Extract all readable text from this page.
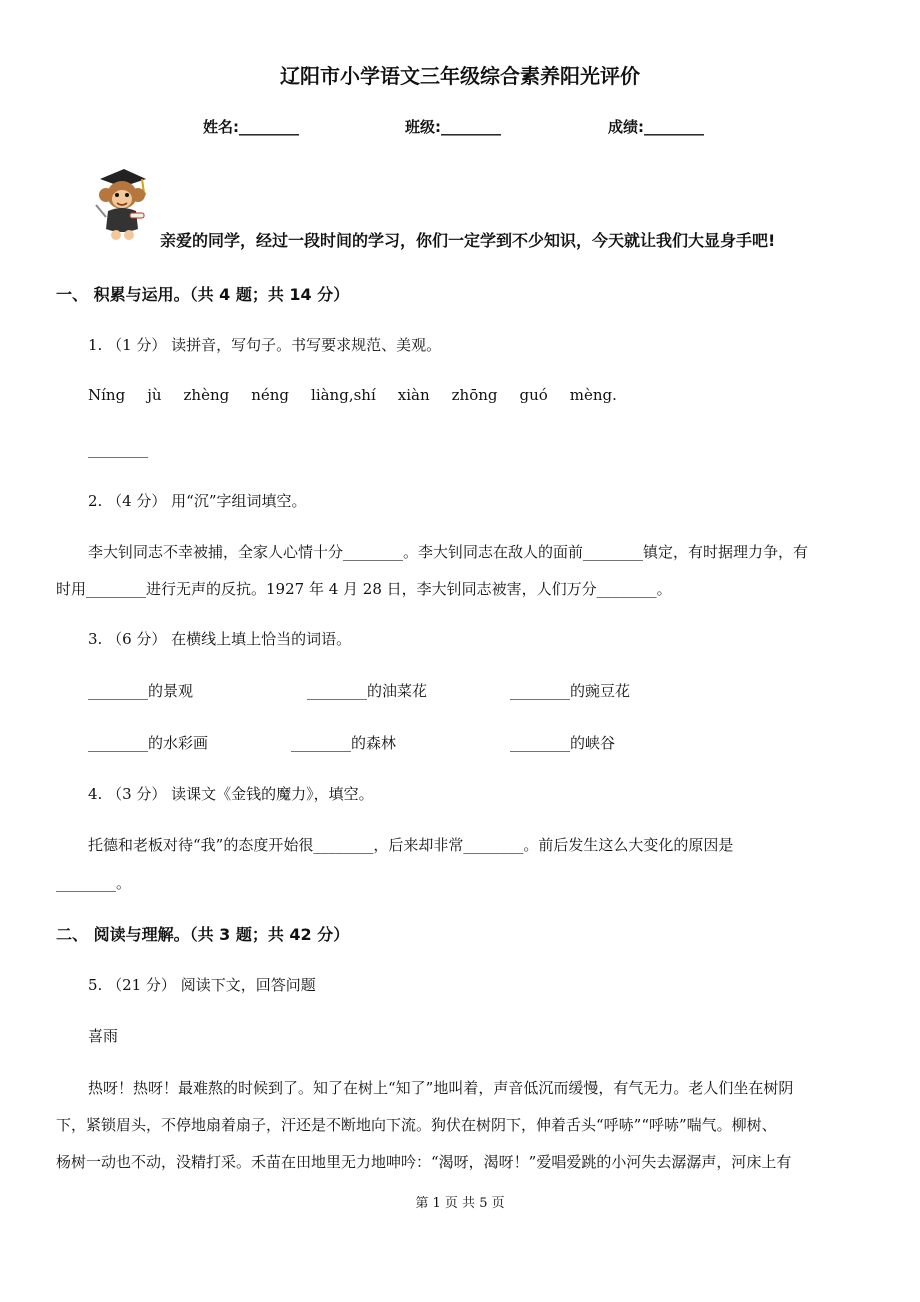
辽阳市小学语文三年级综合素养阳光评价
姓名:________	班级:________	成绩:________
亲爱的同学，经过一段时间的学习，你们一定学到不少知识，今天就让我们大显身手吧!
一、 积累与运用。（共 4 题；共 14 分）
1. （1 分） 读拼音，写句子。书写要求规范、美观。
Níng jù zhèng néng liàng,shí xiàn zhōng guó mèng.
________
2. （4 分） 用“沉”字组词填空。
李大钊同志不幸被捕，全家人心情十分________。李大钊同志在敌人的面前________镇定，有时据理力争，有
时用________进行无声的反抗。1927 年 4 月 28 日，李大钊同志被害，人们万分________。
3. （6 分） 在横线上填上恰当的词语。
________的景观	________的油菜花	________的豌豆花
________的水彩画	________的森林	________的峡谷
4. （3 分） 读课文《金钱的魔力》，填空。
托德和老板对待“我”的态度开始很________，后来却非常________。前后发生这么大变化的原因是
________。
二、 阅读与理解。（共 3 题；共 42 分）
5. （21 分） 阅读下文，回答问题
喜雨
热呀！热呀！最难熬的时候到了。知了在树上“知了”地叫着，声音低沉而缓慢，有气无力。老人们坐在树阴
下，紧锁眉头，不停地扇着扇子，汗还是不断地向下流。狗伏在树阴下，伸着舌头“呼哧”“呼哧”喘气。柳树、
杨树一动也不动，没精打采。禾苗在田地里无力地呻吟：“渴呀，渴呀！”爱唱爱跳的小河失去潺潺声，河床上有
第 1 页 共 5 页
